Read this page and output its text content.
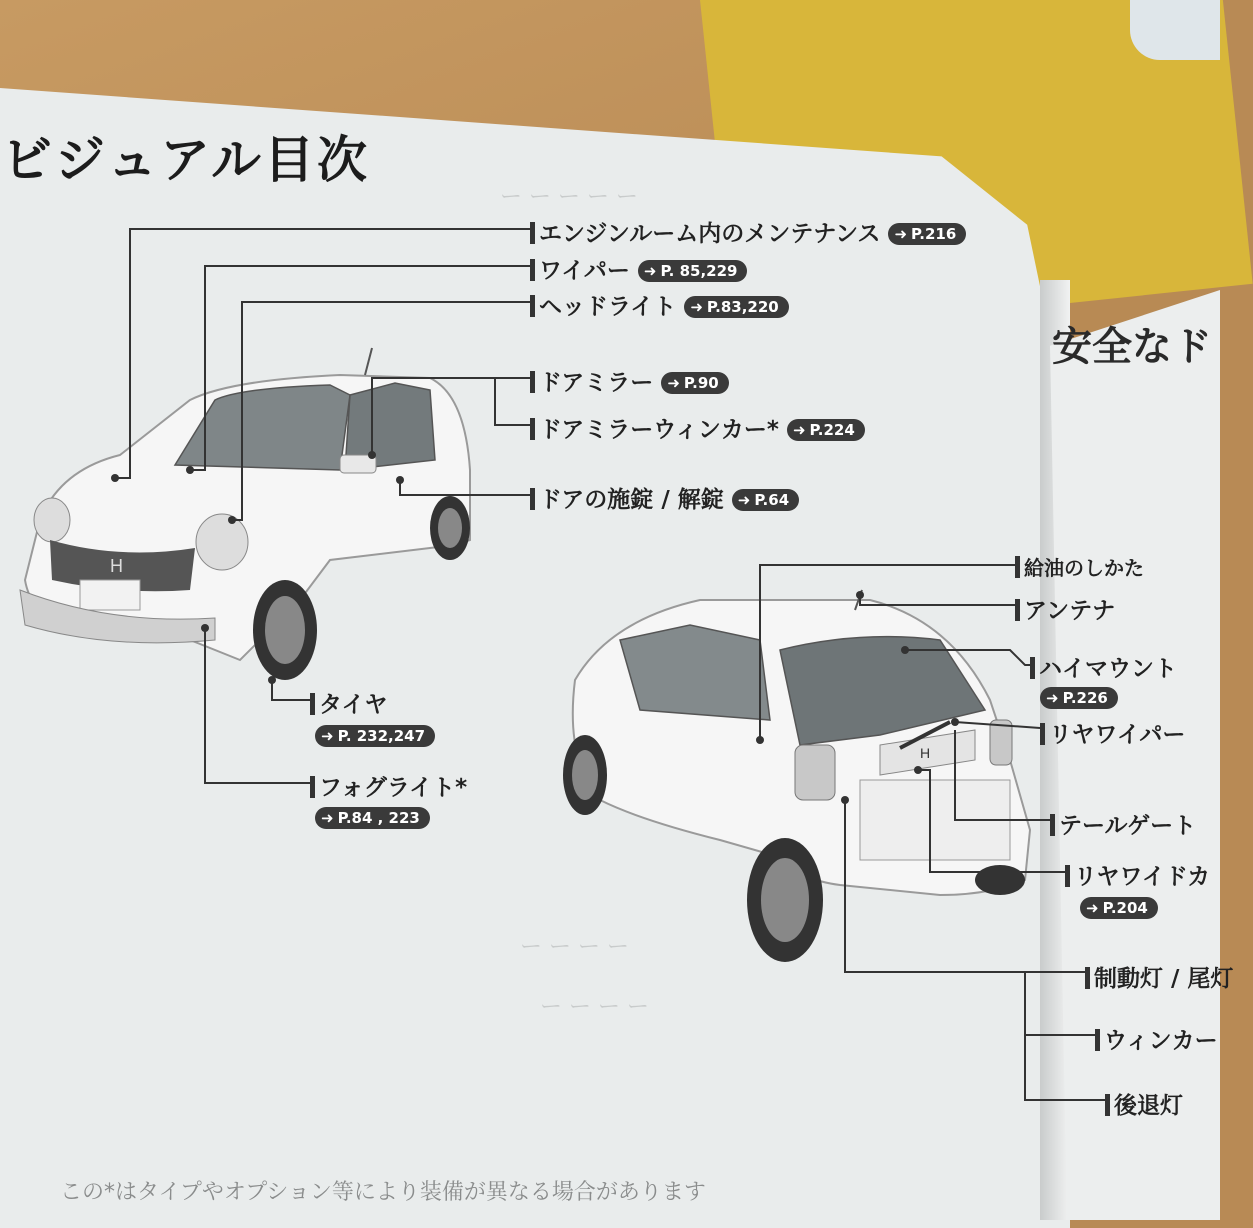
ビジュアル目次
安全なド
ー ー ー ー ー
ー ー ー ー
ー ー ー ー
H
H
エンジンルーム内のメンテナンス ➜ P.216
ワイパー ➜ P. 85,229
ヘッドライト ➜ P.83,220
ドアミラー ➜ P.90
ドアミラーウィンカー* ➜ P.224
ドアの施錠 / 解錠 ➜ P.64
タイヤ
➜ P. 232,247
フォグライト*
➜ P.84 , 223
給油のしかた
アンテナ
ハイマウント
➜ P.226
リヤワイパー
テールゲート
リヤワイドカ
➜ P.204
制動灯 / 尾灯
ウィンカー
後退灯
この*はタイプやオプション等により装備が異なる場合があります
